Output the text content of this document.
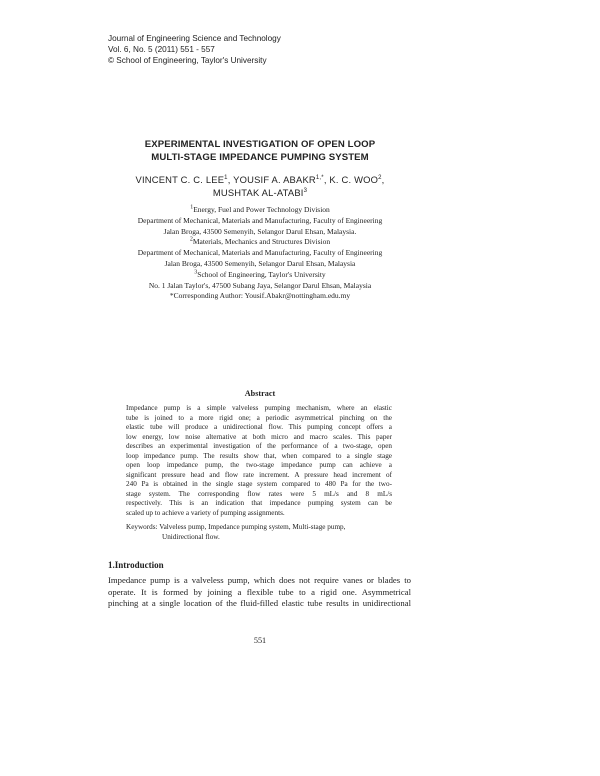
Journal of Engineering Science and Technology
Vol. 6, No. 5 (2011) 551 - 557
© School of Engineering, Taylor's University
EXPERIMENTAL INVESTIGATION OF OPEN LOOP
MULTI-STAGE IMPEDANCE PUMPING SYSTEM
VINCENT C. C. LEE$^1$, YOUSIF A. $ABAKR^{1,*}$, K. C. WOO$^2$,
MUSHTAK AL-ATABI$^3$
$^1$Energy, Fuel and Power Technology Division
Department of Mechanical, Materials and Manufacturing, Faculty of Engineering
Jalan Broga, 43500 Semenyih, Selangor Darul Ehsan, Malaysia.
$^2$Materials, Mechanics and Structures Division
Department of Mechanical, Materials and Manufacturing, Faculty of Engineering
Jalan Broga, 43500 Semenyih, Selangor Darul Ehsan, Malaysia
$^3$School of Engineering, Taylor's University
No. 1 Jalan Taylor's, 47500 Subang Jaya, Selangor Darul Ehsan, Malaysia
*Corresponding Author: Yousif.Abakr@nottingham.edu.my
Abstract
Impedance pump is a simple valveless pumping mechanism, where an elastic
tube is joined to a more rigid one; a periodic asymmetrical pinching on the
elastic tube will produce a unidirectional flow. This pumping concept offers a
low energy, low noise alternative at both micro and macro scales. This paper
describes an experimental investigation of the performance of a two-stage, open
loop impedance pump. The results show that, when compared to a single stage
open loop impedance pump, the two-stage impedance pump can achieve a
significant pressure head and flow rate increment. A pressure head increment of
240 Pa is obtained in the single stage system compared to 480 Pa for the two-
stage system. The corresponding flow rates were 5 mL/s and 8 mL/s
respectively. This is an indication that impedance pumping system can be
scaled up to achieve a variety of pumping assignments.
Keywords: Valveless pump, Impedance pumping system, Multi-stage pump,
Unidirectional flow.
1.Introduction
Impedance pump is a valveless pump, which does not require vanes or blades to
operate. It is formed by joining a flexible tube to a rigid one. Asymmetrical
pinching at a single location of the fluid-filled elastic tube results in unidirectional
551
